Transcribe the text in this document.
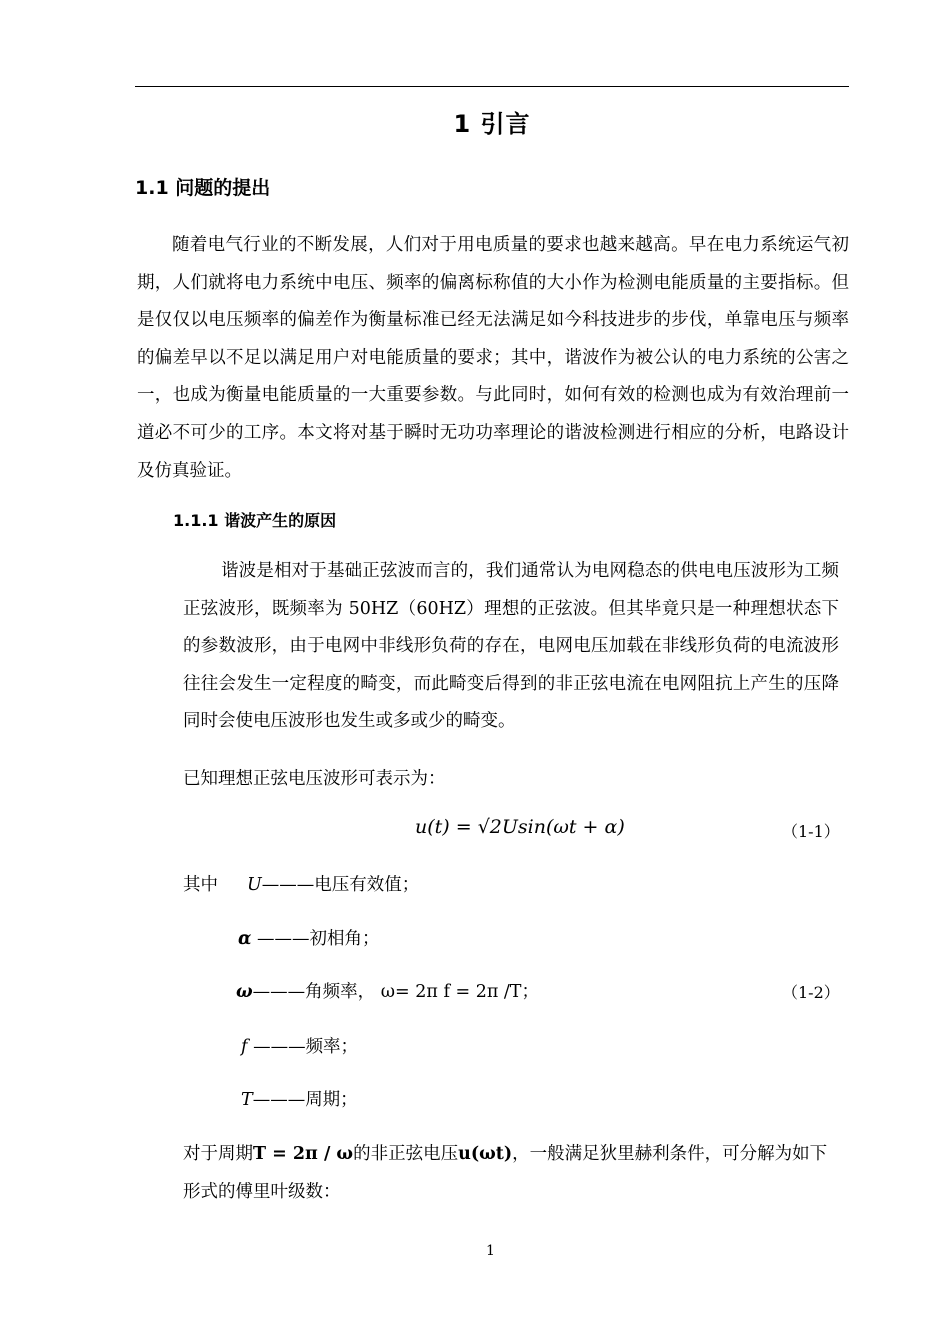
1 引言
1.1 问题的提出
随着电气行业的不断发展，人们对于用电质量的要求也越来越高。早在电力系统运气初期，人们就将电力系统中电压、频率的偏离标称值的大小作为检测电能质量的主要指标。但是仅仅以电压频率的偏差作为衡量标准已经无法满足如今科技进步的步伐，单靠电压与频率的偏差早以不足以满足用户对电能质量的要求；其中，谐波作为被公认的电力系统的公害之一，也成为衡量电能质量的一大重要参数。与此同时，如何有效的检测也成为有效治理前一道必不可少的工序。本文将对基于瞬时无功功率理论的谐波检测进行相应的分析，电路设计及仿真验证。
1.1.1 谐波产生的原因
谐波是相对于基础正弦波而言的，我们通常认为电网稳态的供电电压波形为工频正弦波形，既频率为 50HZ（60HZ）理想的正弦波。但其毕竟只是一种理想状态下的参数波形，由于电网中非线形负荷的存在，电网电压加载在非线形负荷的电流波形往往会发生一定程度的畸变，而此畸变后得到的非正弦电流在电网阻抗上产生的压降同时会使电压波形也发生或多或少的畸变。
已知理想正弦电压波形可表示为：
u(t) = √2Usin(ωt + α)	（1-1）
其中 U———电压有效值；
α ———初相角；
ω———角频率， ω= 2π f = 2π /T；	（1-2）
f ———频率；
T———周期；
对于周期T = 2π / ω的非正弦电压u(ωt)，一般满足狄里赫利条件，可分解为如下
形式的傅里叶级数：
1
